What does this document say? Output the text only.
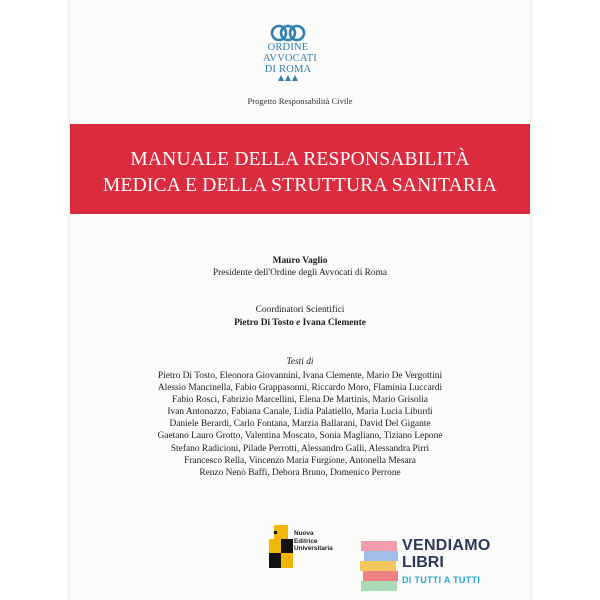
ORDINE
AVVOCATI
DI ROMA
Progetto Responsabilità Civile
MANUALE DELLA RESPONSABILITÀ
MEDICA E DELLA STRUTTURA SANITARIA
Mauro Vaglio
Presidente dell'Ordine degli Avvocati di Roma
Coordinatori Scientifici
Pietro Di Tosto e Ivana Clemente
Testi di
Pietro Di Tosto, Eleonora Giovannini, Ivana Clemente, Mario De Vergottini
Alessio Mancinella, Fabio Grappasonni, Riccardo Moro, Flaminia Luccardi
Fabio Rosci, Fabrizio Marcellini, Elena De Martinis, Mario Grisolia
Ivan Antonazzo, Fabiana Canale, Lidia Palatiello, Maria Lucia Liburdi
Daniele Berardi, Carlo Fontana, Marzia Ballarani, David Del Gigante
Gaetano Lauro Grotto, Valentina Moscato, Sonia Magliano, Tiziano Lepone
Stefano Radicioni, Pilade Perrotti, Alessandro Galli, Alessandra Pirri
Francesco Rella, Vincenzo Maria Furgione, Antonella Mesara
Renzo Nenò Baffi, Debora Bruno, Domenico Perrone
Nuova
Editrice
Universitaria	VENDIAMO
LIBRI
DI TUTTI A TUTTI
